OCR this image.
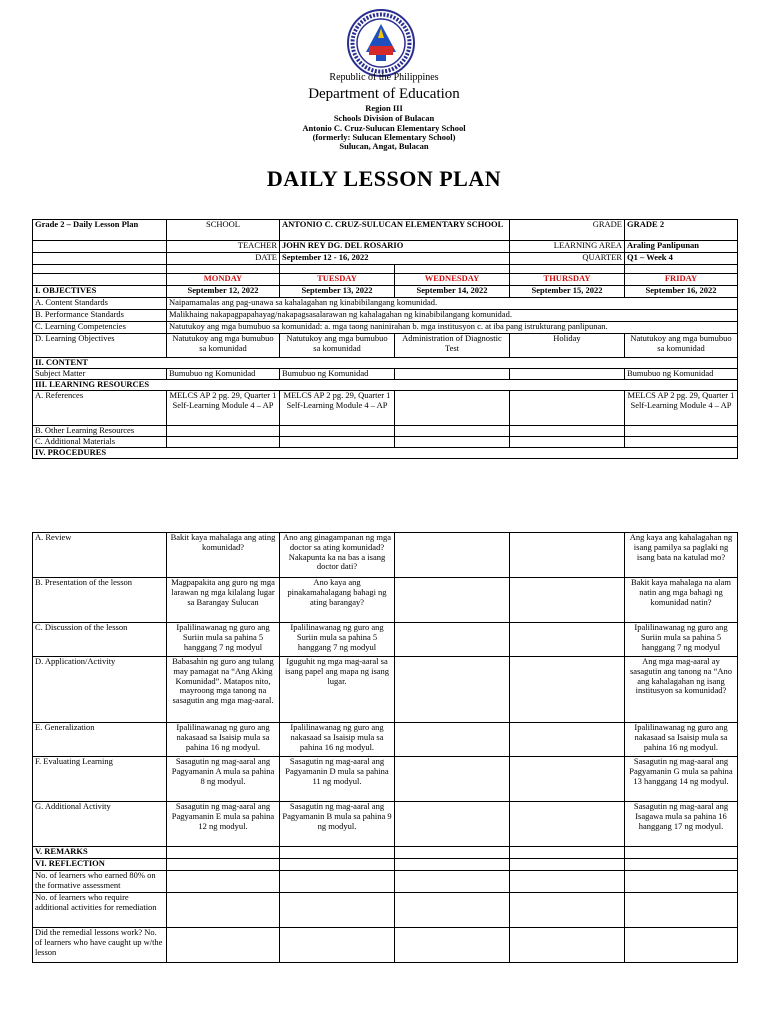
Republic of the Philippines
Department of Education
Region III
Schools Division of Bulacan
Antonio C. Cruz-Sulucan Elementary School
(formerly: Sulucan Elementary School)
Sulucan, Angat, Bulacan
DAILY LESSON PLAN
Grade 2 – Daily Lesson Plan	SCHOOL	ANTONIO C. CRUZ-SULUCAN ELEMENTARY SCHOOL		GRADE	GRADE 2
	TEACHER	JOHN REY DG. DEL ROSARIO		LEARNING AREA	Araling Panlipunan
	DATE	September 12 - 16, 2022		QUARTER	Q1 – Week 4

	MONDAY	TUESDAY	WEDNESDAY	THURSDAY	FRIDAY
I. OBJECTIVES	September 12, 2022	September 13, 2022	September 14, 2022	September 15, 2022	September 16, 2022
A. Content Standards	Naipamamalas ang pag-unawa sa kahalagahan ng kinabibilangang komunidad.				
B. Performance Standards	Malikhaing nakapagpapahayag/nakapagsasalarawan ng kahalagahan ng kinabibilangang komunidad.				
C. Learning Competencies	Natutukoy ang mga bumubuo sa komunidad: a. mga taong naninirahan b. mga institusyon c. at iba pang istrukturang panlipunan.				
D. Learning Objectives	Natutukoy ang mga bumubuo sa komunidad	Natutukoy ang mga bumubuo sa komunidad	Administration of Diagnostic Test	Holiday	Natutukoy ang mga bumubuo sa komunidad
II. CONTENT					
Subject Matter	Bumubuo ng Komunidad	Bumubuo ng Komunidad			Bumubuo ng Komunidad
III. LEARNING RESOURCES					
A. References	MELCS AP 2 pg. 29, Quarter 1 Self-Learning Module 4 – AP	MELCS AP 2 pg. 29, Quarter 1 Self-Learning Module 4 – AP			MELCS AP 2 pg. 29, Quarter 1 Self-Learning Module 4 – AP
B. Other Learning Resources					
C. Additional Materials					
IV. PROCEDURES					
A. Review	Bakit kaya mahalaga ang ating komunidad?	Ano ang ginagampanan ng mga doctor sa ating komunidad? Nakapunta ka na bas a isang doctor dati?			Ang kaya ang kahalagahan ng isang pamilya sa paglaki ng isang bata na katulad mo?
B. Presentation of the lesson	Magpapakita ang guro ng mga larawan ng mga kilalang lugar sa Barangay Sulucan	Ano kaya ang pinakamahalagang bahagi ng ating barangay?			Bakit kaya mahalaga na alam natin ang mga bahagi ng komunidad natin?
C. Discussion of the lesson	Ipalilinawanag ng guro ang Suriin mula sa pahina 5 hanggang 7 ng modyul	Ipalilinawanag ng guro ang Suriin mula sa pahina 5 hanggang 7 ng modyul			Ipalilinawanag ng guro ang Suriin mula sa pahina 5 hanggang 7 ng modyul
D. Application/Activity	Babasahin ng guro ang tulang may pamagat na “Ang Aking Komunidad”. Matapos nito, mayroong mga tanong na sasagutin ang mga mag-aaral.	Iguguhit ng mga mag-aaral sa isang papel ang mapa ng isang lugar.			Ang mga mag-aaral ay sasagutin ang tanong na “Ano ang kahalagahan ng isang institusyon sa komunidad?
E. Generalization	Ipalilinawanag ng guro ang nakasaad sa Isaisip mula sa pahina 16 ng modyul.	Ipalilinawanag ng guro ang nakasaad sa Isaisip mula sa pahina 16 ng modyul.			Ipalilinawanag ng guro ang nakasaad sa Isaisip mula sa pahina 16 ng modyul.
F. Evaluating Learning	Sasagutin ng mag-aaral ang Pagyamanin A mula sa pahina 8 ng modyul.	Sasagutin ng mag-aaral ang Pagyamanin D mula sa pahina 11 ng modyul.			Sasagutin ng mag-aaral ang Pagyamanin G mula sa pahina 13 hanggang 14 ng modyul.
G. Additional Activity	Sasagutin ng mag-aaral ang Pagyamanin E mula sa pahina 12 ng modyul.	Sasagutin ng mag-aaral ang Pagyamanin B mula sa pahina 9 ng modyul.			Sasagutin ng mag-aaral ang Isagawa mula sa pahina 16 hanggang 17 ng modyul.
V. REMARKS					
VI. REFLECTION					
No. of learners who earned 80% on the formative assessment					
No. of learners who require additional activities for remediation					
Did the remedial lessons work? No. of learners who have caught up w/the lesson					
